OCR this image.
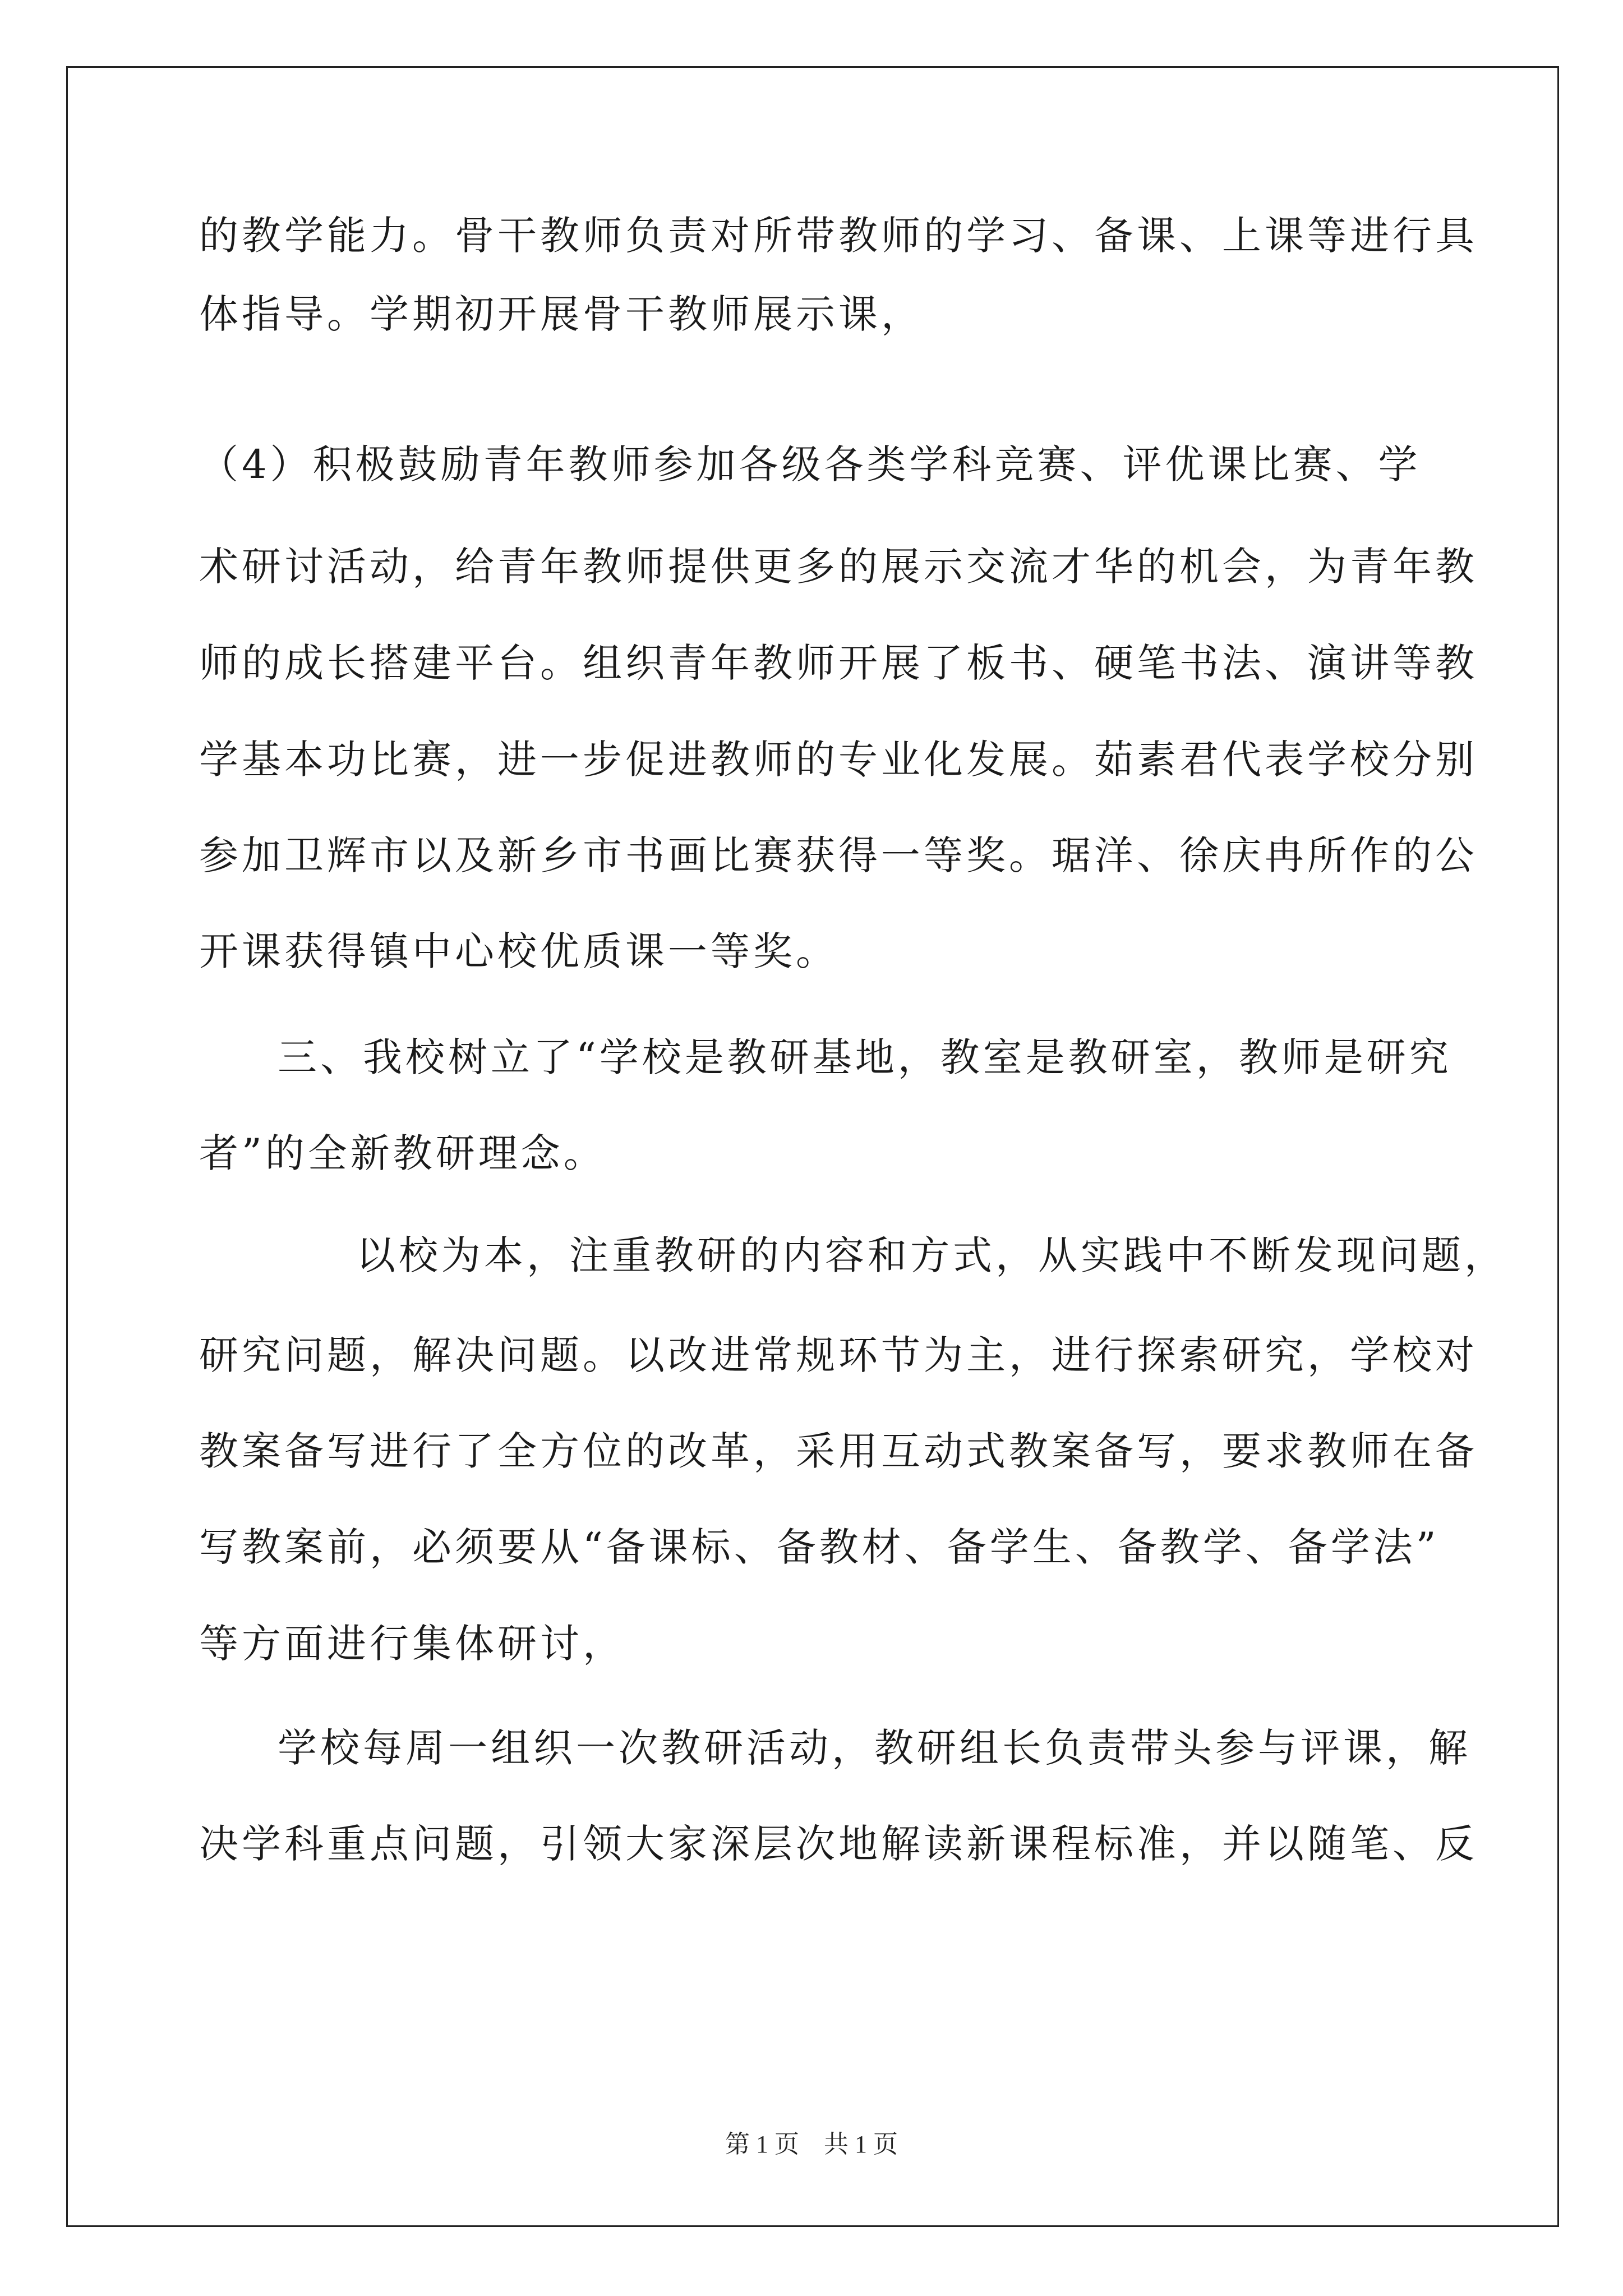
的教学能力。骨干教师负责对所带教师的学习、备课、上课等进行具
体指导。学期初开展骨干教师展示课，
（4）积极鼓励青年教师参加各级各类学科竞赛、评优课比赛、学
术研讨活动，给青年教师提供更多的展示交流才华的机会，为青年教
师的成长搭建平台。组织青年教师开展了板书、硬笔书法、演讲等教
学基本功比赛，进一步促进教师的专业化发展。茹素君代表学校分别
参加卫辉市以及新乡市书画比赛获得一等奖。琚洋、徐庆冉所作的公
开课获得镇中心校优质课一等奖。
三、我校树立了“学校是教研基地，教室是教研室，教师是研究
者”的全新教研理念。
以校为本，注重教研的内容和方式，从实践中不断发现问题，
研究问题，解决问题。以改进常规环节为主，进行探索研究，学校对
教案备写进行了全方位的改革，采用互动式教案备写，要求教师在备
写教案前，必须要从“备课标、备教材、备学生、备教学、备学法”
等方面进行集体研讨，
学校每周一组织一次教研活动，教研组长负责带头参与评课，解
决学科重点问题，引领大家深层次地解读新课程标准，并以随笔、反
第 1 页　共 1 页
